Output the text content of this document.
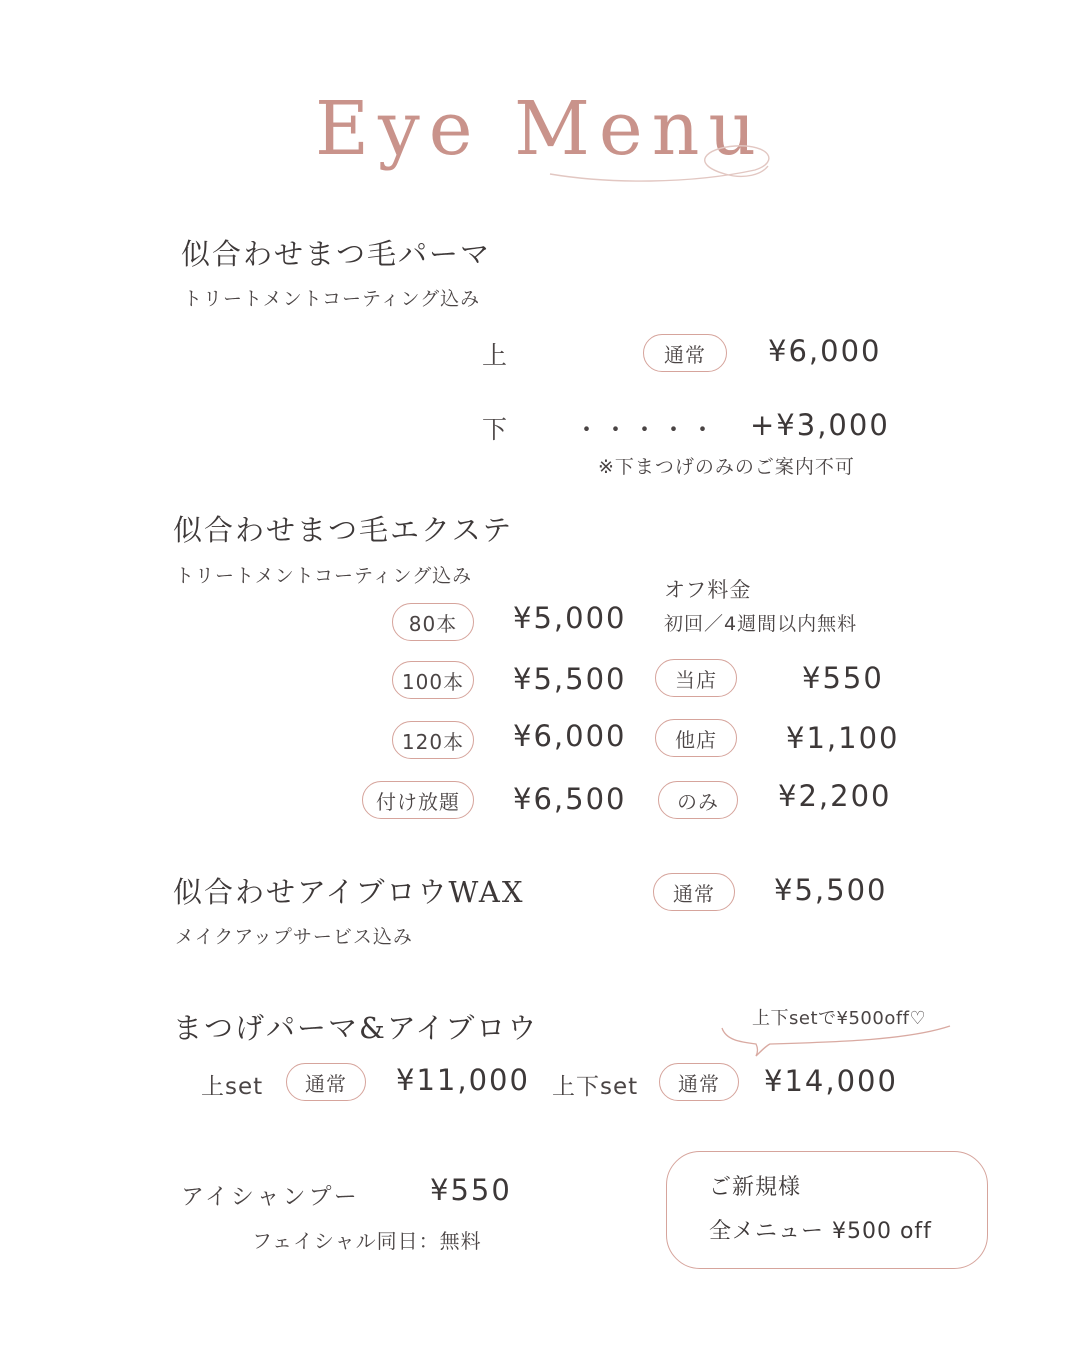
Eye Menu
似合わせまつ毛パーマ
トリートメントコーティング込み
上	通常	¥6,000
下	・・・・・ +¥3,000
※下まつげのみのご案内不可
似合わせまつ毛エクステ
トリートメントコーティング込み
オフ料金
初回／4週間以内無料
80本	¥5,000
100本	¥5,500	当店	¥550
120本	¥6,000	他店	¥1,100
付け放題	¥6,500	のみ	¥2,200
似合わせアイブロウWAX
メイクアップサービス込み
通常	¥5,500
まつげパーマ&アイブロウ	上下setで¥500off♡
上set	通常	¥11,000 上下set	通常	¥14,000
アイシャンプー ¥550
フェイシャル同日：無料
ご新規様
全メニュー ¥500 off
